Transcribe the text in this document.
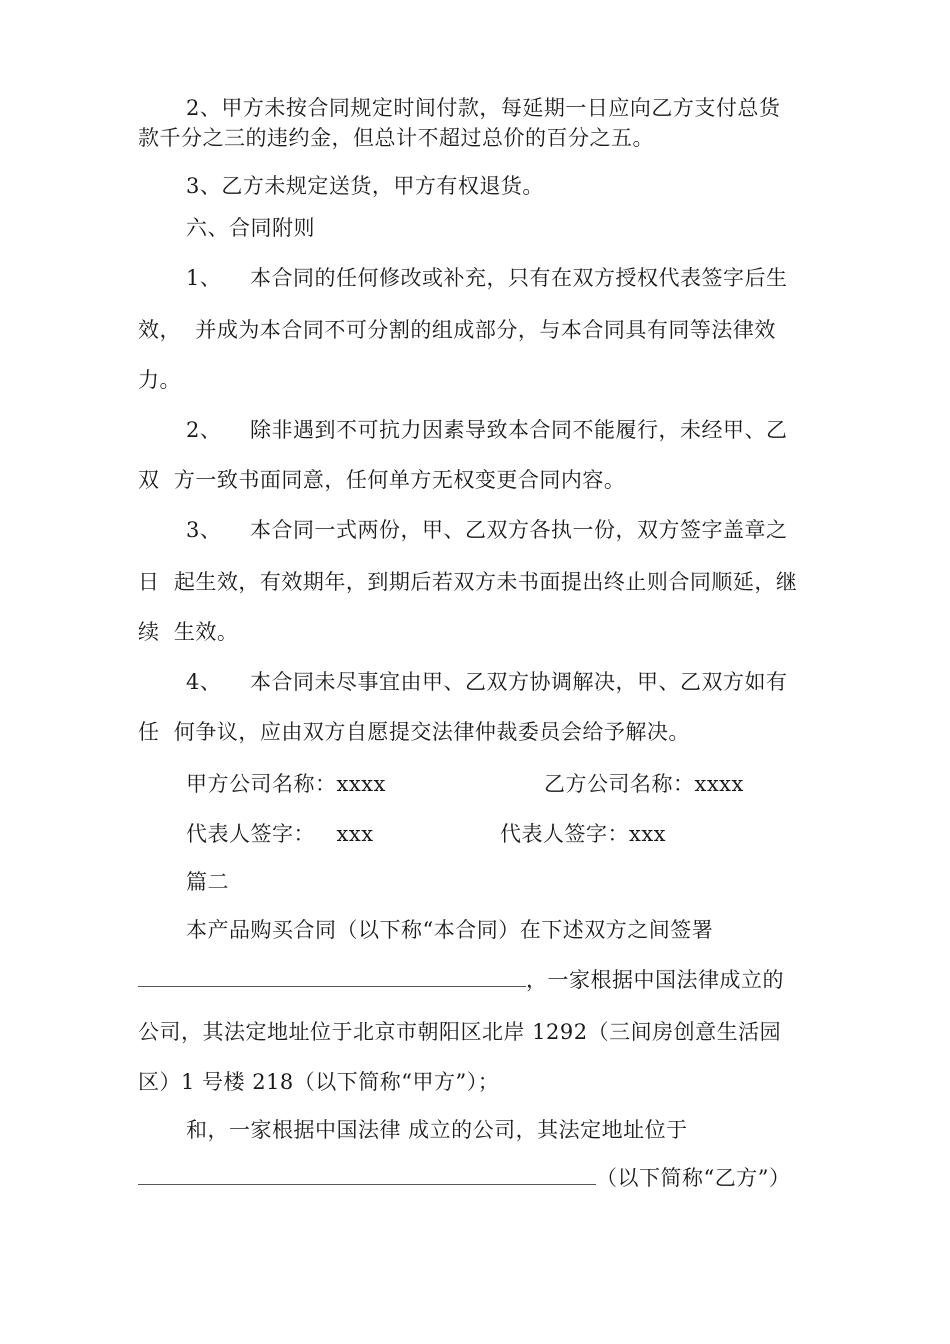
2、甲方未按合同规定时间付款，每延期一日应向乙方支付总货
款千分之三的违约金，但总计不超过总价的百分之五。
3、乙方未规定送货，甲方有权退货。
六、合同附则
1、 本合同的任何修改或补充，只有在双方授权代表签字后生
效，  并成为本合同不可分割的组成部分，与本合同具有同等法律效
力。
2、 除非遇到不可抗力因素导致本合同不能履行，未经甲、乙
双  方一致书面同意，任何单方无权变更合同内容。
3、 本合同一式两份，甲、乙双方各执一份，双方签字盖章之
日  起生效，有效期年，到期后若双方未书面提出终止则合同顺延，继
续  生效。
4、 本合同未尽事宜由甲、乙双方协调解决，甲、乙双方如有
任  何争议，应由双方自愿提交法律仲裁委员会给予解决。
甲方公司名称：xxxx	乙方公司名称：xxxx
代表人签字：   xxx	代表人签字：xxx
篇二
本产品购买合同（以下称“本合同）在下述双方之间签署
，一家根据中国法律成立的
公司，其法定地址位于北京市朝阳区北岸 1292（三间房创意生活园
区）1 号楼 218（以下简称“甲方”）；
和，一家根据中国法律 成立的公司，其法定地址位于
（以下简称“乙方”）
